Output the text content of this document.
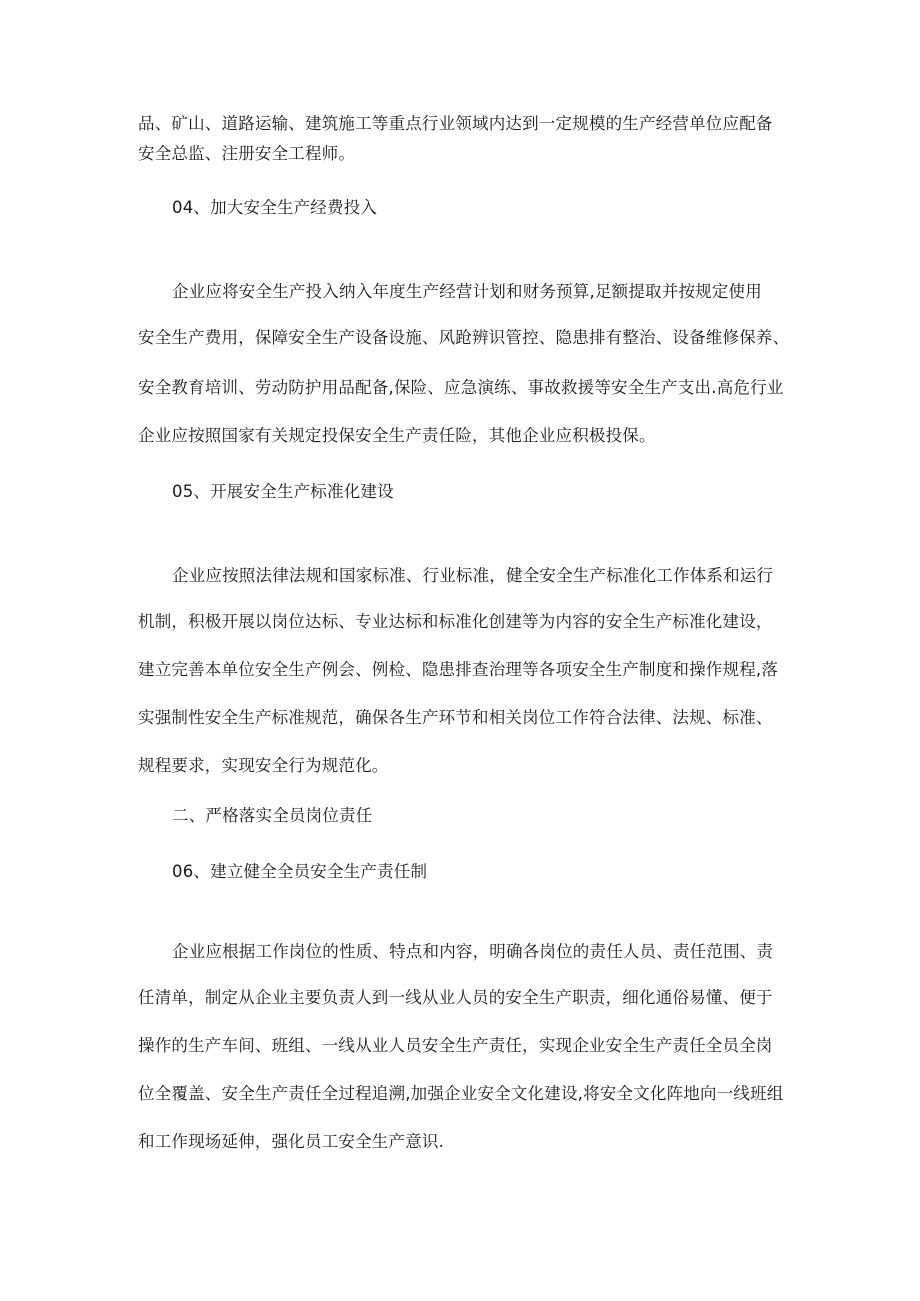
品、矿山、道路运输、建筑施工等重点行业领域内达到一定规模的生产经营单位应配备
安全总监、注册安全工程师。
04、加大安全生产经费投入
企业应将安全生产投入纳入年度生产经营计划和财务预算,足额提取并按规定使用
安全生产费用，保障安全生产设备设施、风跄辨识管控、隐患排有整治、设备维修保养、
安全教育培训、劳动防护用品配备,保险、应急演练、事故救援等安全生产支出.高危行业
企业应按照国家有关规定投保安全生产责任险，其他企业应积极投保。
05、开展安全生产标准化建设
企业应按照法律法规和国家标准、行业标准，健全安全生产标准化工作体系和运行
机制，积极开展以岗位达标、专业达标和标准化创建等为内容的安全生产标准化建设，
建立完善本单位安全生产例会、例检、隐患排查治理等各项安全生产制度和操作规程,落
实强制性安全生产标准规范，确保各生产环节和相关岗位工作符合法律、法规、标准、
规程要求，实现安全行为规范化。
二、严格落实全员岗位责任
06、建立健全全员安全生产责任制
企业应根据工作岗位的性质、特点和内容，明确各岗位的责任人员、责任范围、责
任清单，制定从企业主要负责人到一线从业人员的安全生产职责，细化通俗易懂、便于
操作的生产车间、班组、一线从业人员安全生产责任，实现企业安全生产责任全员全岗
位全覆盖、安全生产责任全过程追溯,加强企业安全文化建设,将安全文化阵地向一线班组
和工作现场延伸，强化员工安全生产意识.
